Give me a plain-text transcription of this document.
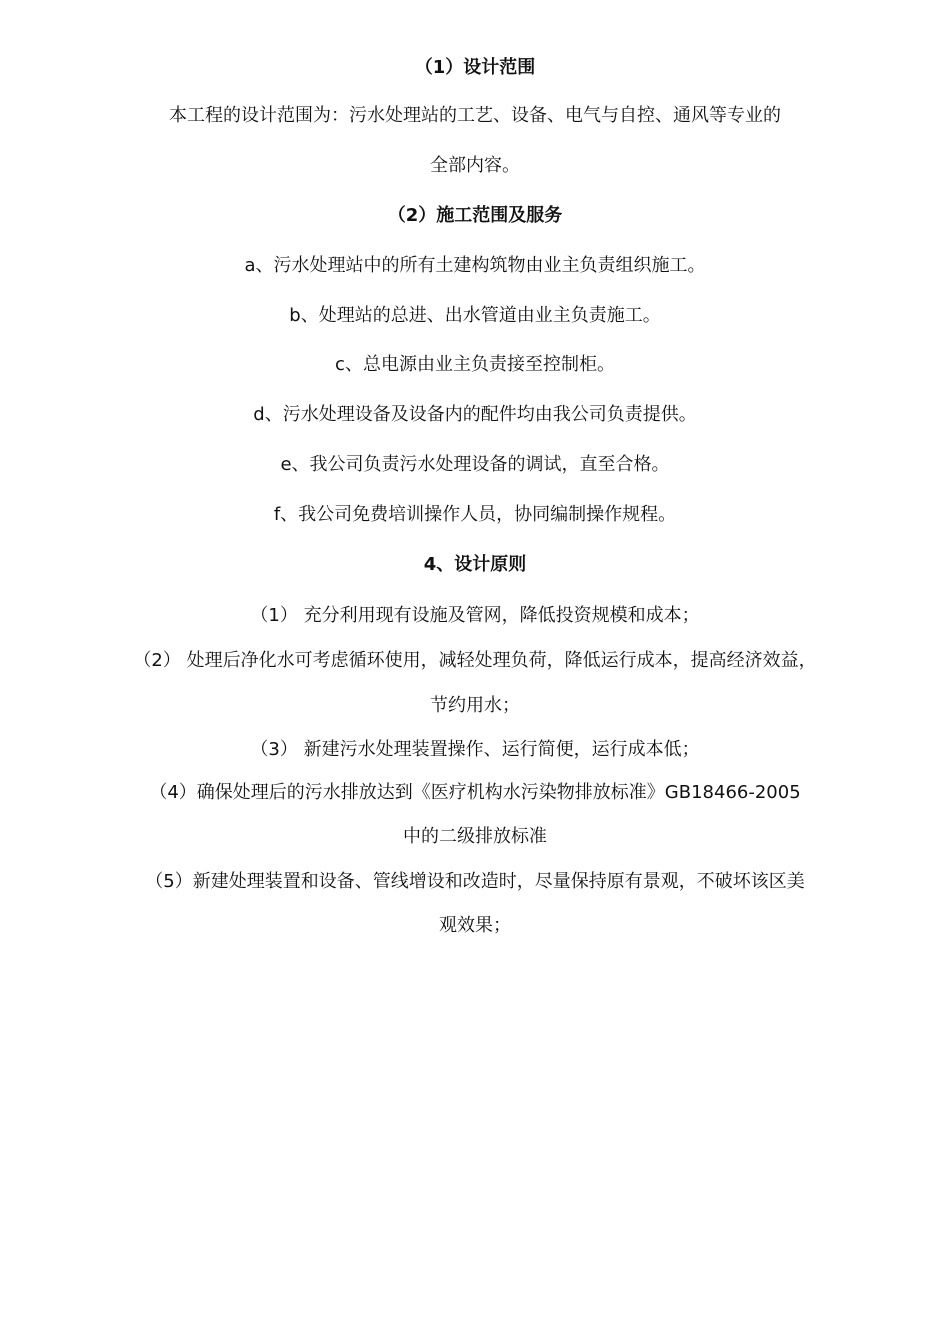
（1）设计范围
本工程的设计范围为：污水处理站的工艺、设备、电气与自控、通风等专业的
全部内容。
（2）施工范围及服务
a、污水处理站中的所有土建构筑物由业主负责组织施工。
b、处理站的总进、出水管道由业主负责施工。
c、总电源由业主负责接至控制柜。
d、污水处理设备及设备内的配件均由我公司负责提供。
e、我公司负责污水处理设备的调试，直至合格。
f、我公司免费培训操作人员，协同编制操作规程。
4、设计原则
（1） 充分利用现有设施及管网，降低投资规模和成本；
（2） 处理后净化水可考虑循环使用，减轻处理负荷，降低运行成本，提高经济效益，
节约用水；
（3） 新建污水处理装置操作、运行简便，运行成本低；
（4）确保处理后的污水排放达到《医疗机构水污染物排放标准》GB18466-2005
中的二级排放标准
（5）新建处理装置和设备、管线增设和改造时，尽量保持原有景观，不破坏该区美
观效果；
